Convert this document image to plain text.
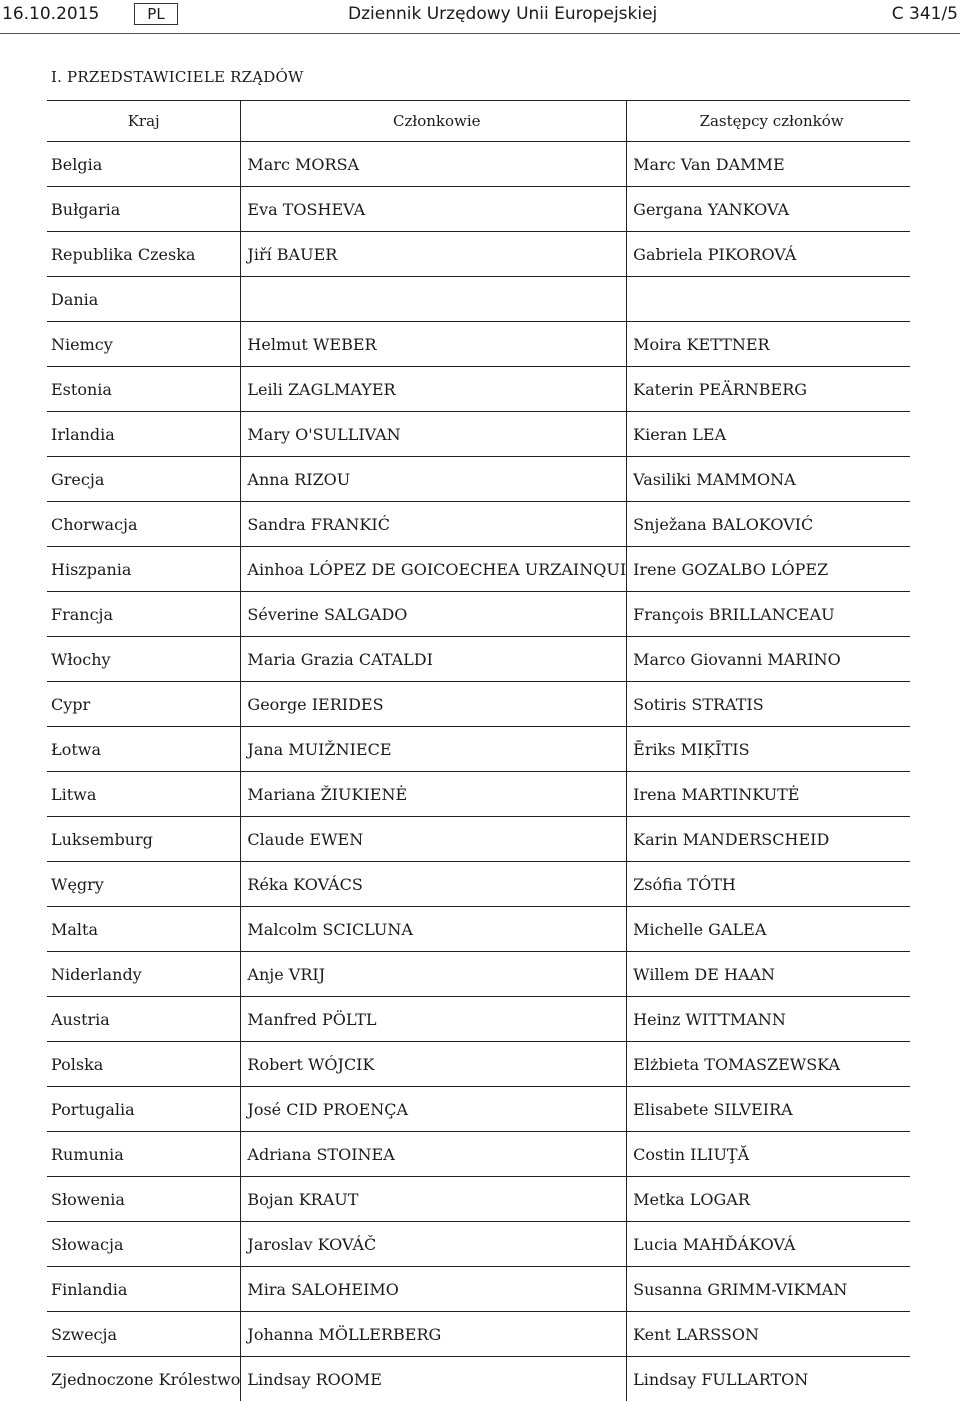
16.10.2015	PL	Dziennik Urzędowy Unii Europejskiej	C 341/5
I. PRZEDSTAWICIELE RZĄDÓW
Kraj	Członkowie	Zastępcy członków
Belgia	Marc MORSA	Marc Van DAMME
Bułgaria	Eva TOSHEVA	Gergana YANKOVA
Republika Czeska	Jiří BAUER	Gabriela PIKOROVÁ
Dania		
Niemcy	Helmut WEBER	Moira KETTNER
Estonia	Leili ZAGLMAYER	Katerin PEÄRNBERG
Irlandia	Mary O'SULLIVAN	Kieran LEA
Grecja	Anna RIZOU	Vasiliki MAMMONA
Chorwacja	Sandra FRANKIĆ	Snježana BALOKOVIĆ
Hiszpania	Ainhoa LÓPEZ DE GOICOECHEA URZAINQUI	Irene GOZALBO LÓPEZ
Francja	Séverine SALGADO	François BRILLANCEAU
Włochy	Maria Grazia CATALDI	Marco Giovanni MARINO
Cypr	George IERIDES	Sotiris STRATIS
Łotwa	Jana MUIŽNIECE	Ēriks MIĶĪTIS
Litwa	Mariana ŽIUKIENĖ	Irena MARTINKUTĖ
Luksemburg	Claude EWEN	Karin MANDERSCHEID
Węgry	Réka KOVÁCS	Zsófia TÓTH
Malta	Malcolm SCICLUNA	Michelle GALEA
Niderlandy	Anje VRIJ	Willem DE HAAN
Austria	Manfred PÖLTL	Heinz WITTMANN
Polska	Robert WÓJCIK	Elżbieta TOMASZEWSKA
Portugalia	José CID PROENÇA	Elisabete SILVEIRA
Rumunia	Adriana STOINEA	Costin ILIUŢĂ
Słowenia	Bojan KRAUT	Metka LOGAR
Słowacja	Jaroslav KOVÁČ	Lucia MAHĎÁKOVÁ
Finlandia	Mira SALOHEIMO	Susanna GRIMM-VIKMAN
Szwecja	Johanna MÖLLERBERG	Kent LARSSON
Zjednoczone Królestwo	Lindsay ROOME	Lindsay FULLARTON
